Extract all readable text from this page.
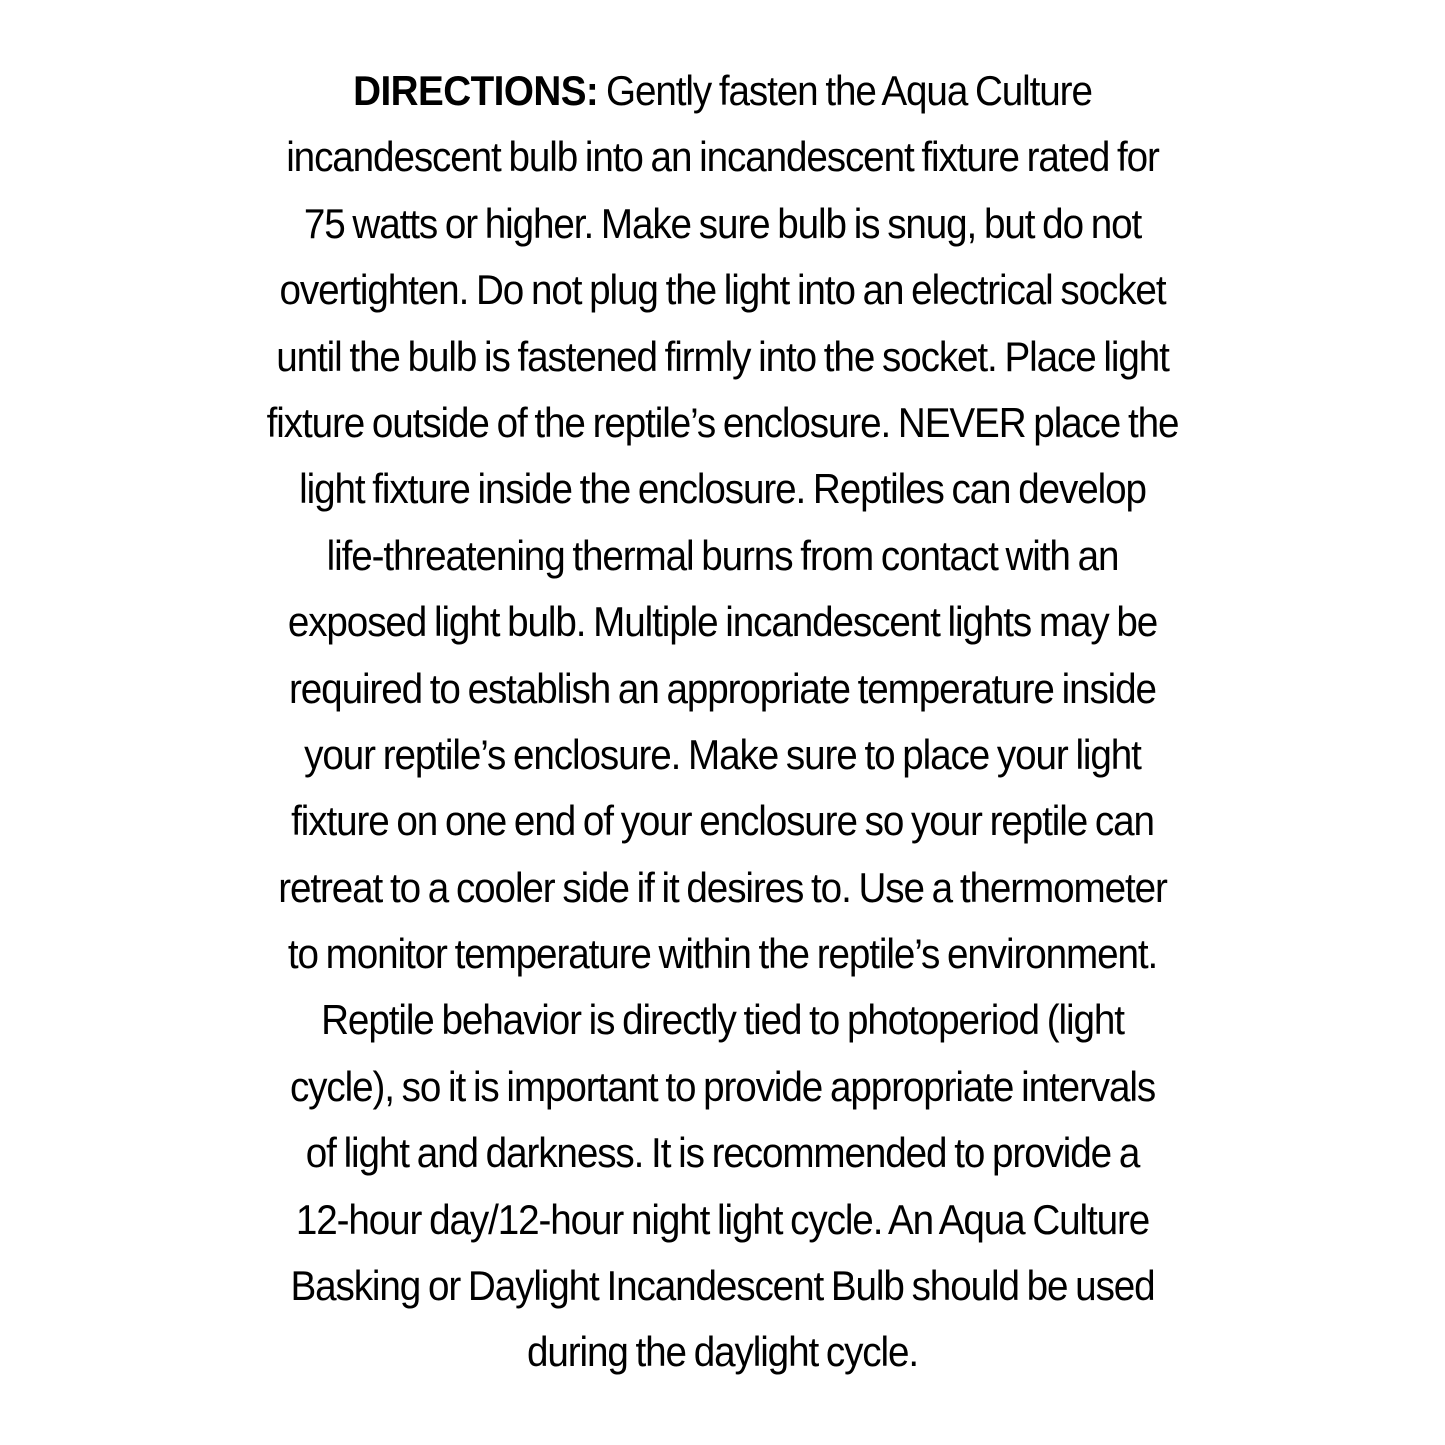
DIRECTIONS: Gently fasten the Aqua Culture
incandescent bulb into an incandescent fixture rated for
75 watts or higher. Make sure bulb is snug, but do not
overtighten. Do not plug the light into an electrical socket
until the bulb is fastened firmly into the socket. Place light
fixture outside of the reptile’s enclosure. NEVER place the
light fixture inside the enclosure. Reptiles can develop
life-threatening thermal burns from contact with an
exposed light bulb. Multiple incandescent lights may be
required to establish an appropriate temperature inside
your reptile’s enclosure. Make sure to place your light
fixture on one end of your enclosure so your reptile can
retreat to a cooler side if it desires to. Use a thermometer
to monitor temperature within the reptile’s environment.
Reptile behavior is directly tied to photoperiod (light
cycle), so it is important to provide appropriate intervals
of light and darkness. It is recommended to provide a
12-hour day/12-hour night light cycle. An Aqua Culture
Basking or Daylight Incandescent Bulb should be used
during the daylight cycle.
